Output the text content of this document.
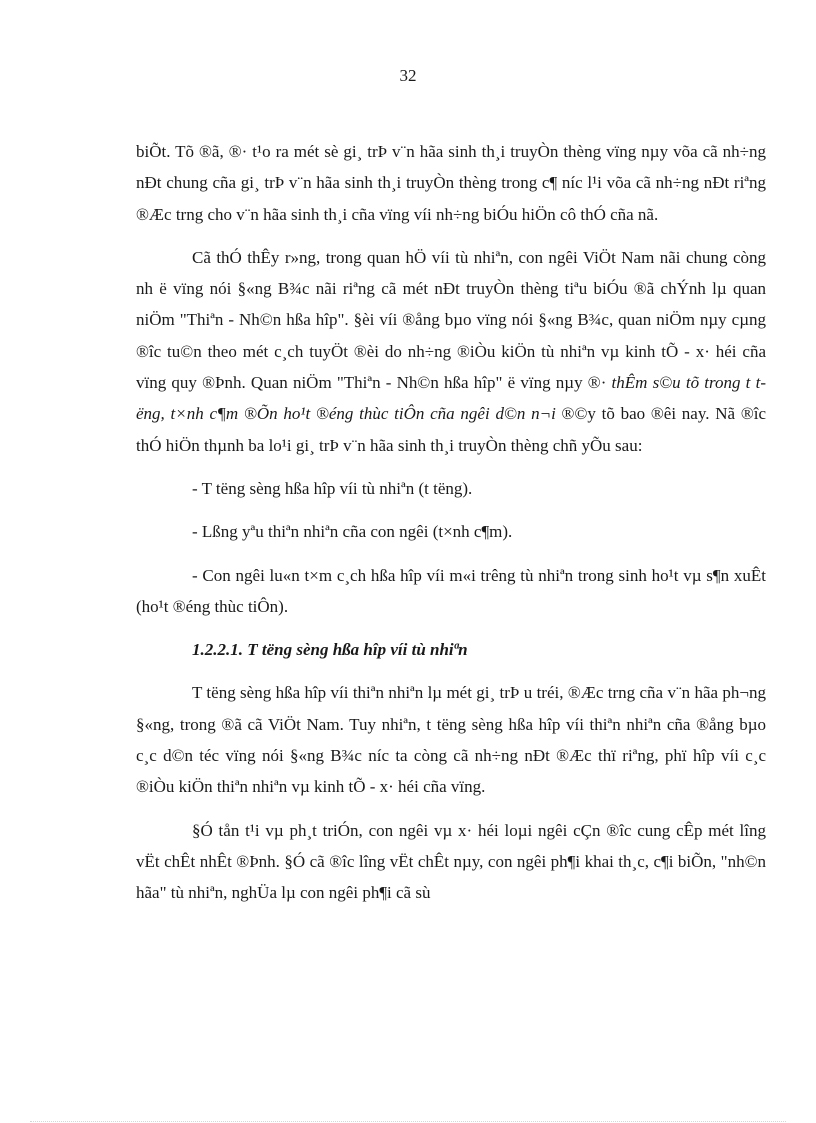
32

biÕt. Tõ ®ã, ®· t¹o ra mét sè gi¸ trÞ v¨n hãa sinh th¸i truyÒn thèng vïng nµy võa cã nh÷ng nÐt chung cña gi¸ trÞ v¨n hãa sinh th¸i truyÒn thèng trong c¶ níc l¹i võa cã nh÷ng nÐt riªng ®Æc trng cho v¨n hãa sinh th¸i cña vïng víi nh÷ng biÓu hiÖn cô thÓ cña nã.

Cã thÓ thÊy r»ng, trong quan hÖ víi tù nhiªn, con ngêi ViÖt Nam nãi chung còng nh ë vïng nói §«ng B¾c nãi riªng cã mét nÐt truyÒn thèng tiªu biÓu ®ã chÝnh lµ quan niÖm "Thiªn - Nh©n hßa hîp". §èi víi ®ång bµo vïng nói §«ng B¾c, quan niÖm nµy cµng ®îc tu©n theo mét c¸ch tuyÖt ®èi do nh÷ng ®iÒu kiÖn tù nhiªn vµ kinh tÕ - x· héi cña vïng quy ®Þnh. Quan niÖm "Thiªn - Nh©n hßa hîp" ë vïng nµy ®· thÊm s©u tõ trong t tëng, t×nh c¶m ®Õn ho¹t ®éng thùc tiÔn cña ngêi d©n n¬i ®©y tõ bao ®êi nay. Nã ®îc thÓ hiÖn thµnh ba lo¹i gi¸ trÞ v¨n hãa sinh th¸i truyÒn thèng chñ yÕu sau:

- T tëng sèng hßa hîp víi tù nhiªn (t tëng).

- Lßng yªu thiªn nhiªn cña con ngêi (t×nh c¶m).

- Con ngêi lu«n t×m c¸ch hßa hîp víi m«i trêng tù nhiªn trong sinh ho¹t vµ s¶n xuÊt (ho¹t ®éng thùc tiÔn).

1.2.2.1. T tëng sèng hßa hîp víi tù nhiªn

T tëng sèng hßa hîp víi thiªn nhiªn lµ mét gi¸ trÞ u tréi, ®Æc trng cña v¨n hãa ph¬ng §«ng, trong ®ã cã ViÖt Nam. Tuy nhiªn, t tëng sèng hßa hîp víi thiªn nhiªn cña ®ång bµo c¸c d©n téc vïng nói §«ng B¾c níc ta còng cã nh÷ng nÐt ®Æc thï riªng, phï hîp víi c¸c ®iÒu kiÖn thiªn nhiªn vµ kinh tÕ - x· héi cña vïng.

§Ó tån t¹i vµ ph¸t triÓn, con ngêi vµ x· héi loµi ngêi cÇn ®îc cung cÊp mét lîng vËt chÊt nhÊt ®Þnh. §Ó cã ®îc lîng vËt chÊt nµy, con ngêi ph¶i khai th¸c, c¶i biÕn, "nh©n hãa" tù nhiªn, nghÜa lµ con ngêi ph¶i cã sù
